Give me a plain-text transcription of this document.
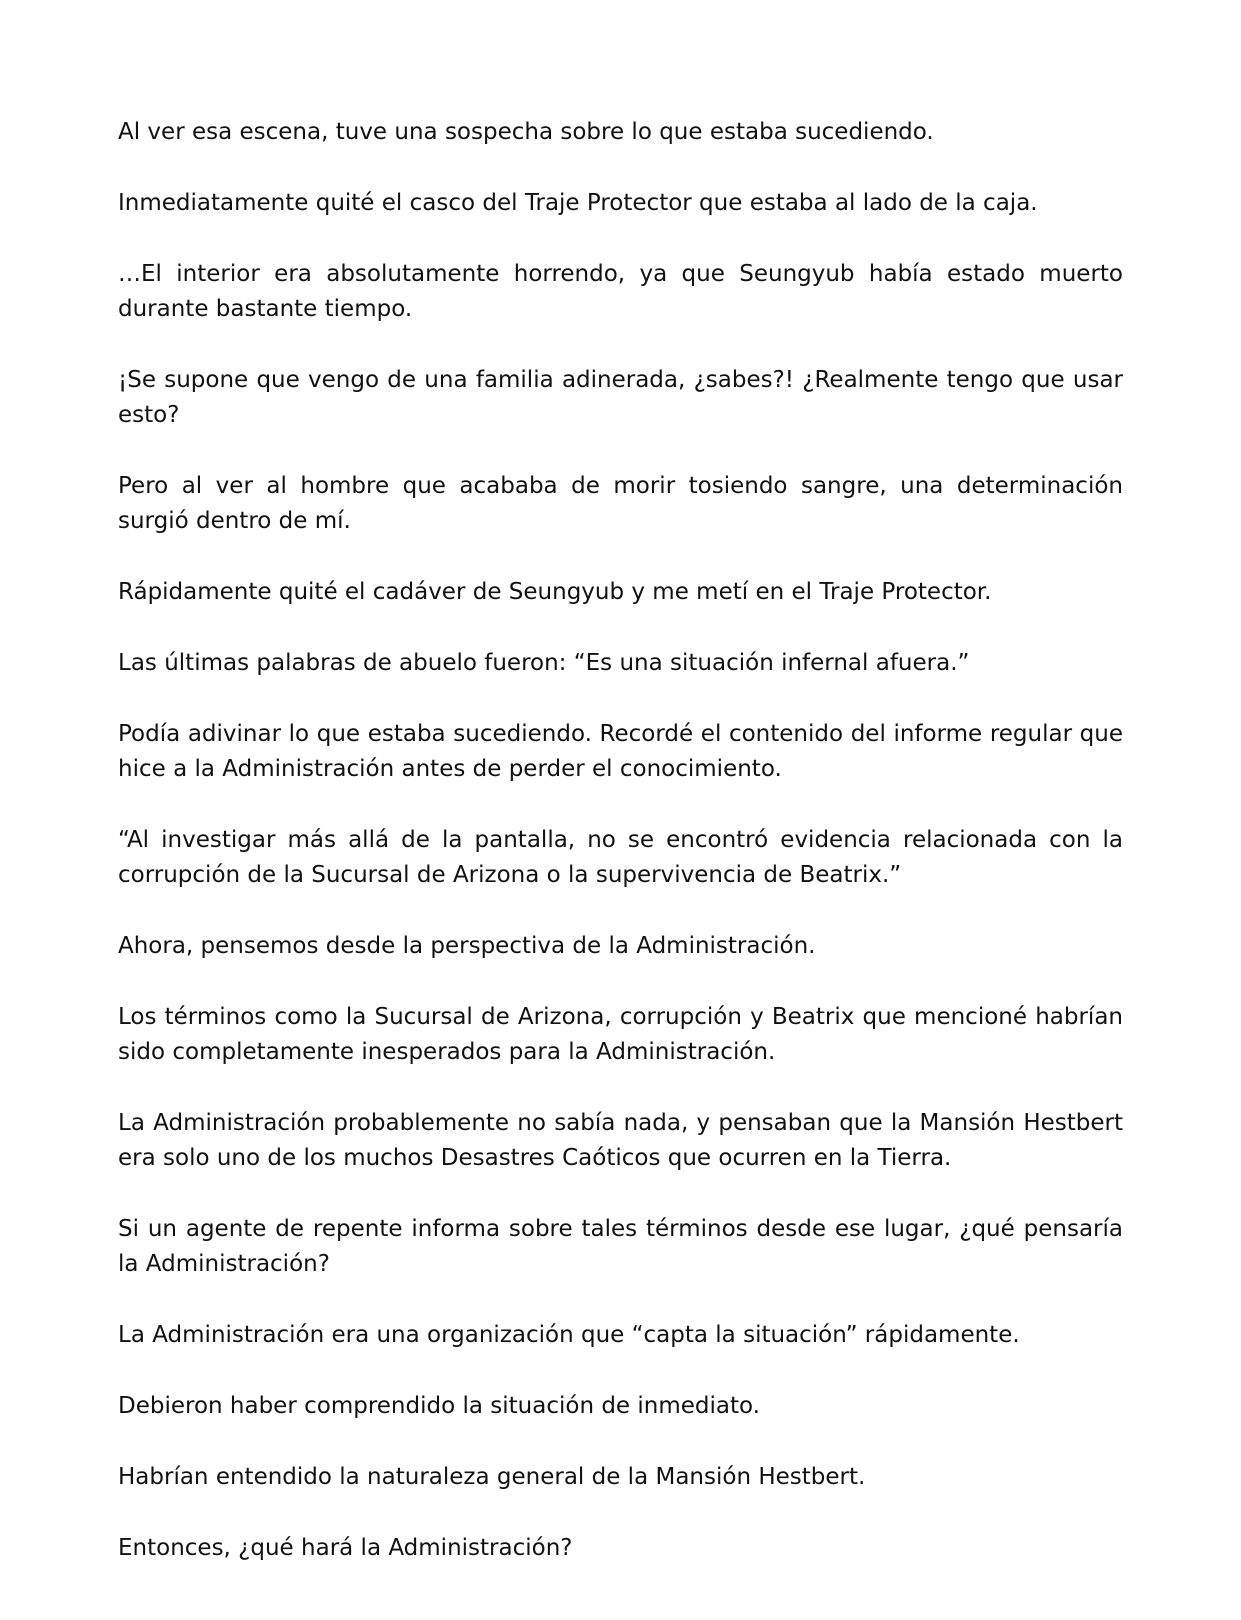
Al ver esa escena, tuve una sospecha sobre lo que estaba sucediendo.

Inmediatamente quité el casco del Traje Protector que estaba al lado de la caja.

…El interior era absolutamente horrendo, ya que Seungyub había estado muerto durante bastante tiempo.

¡Se supone que vengo de una familia adinerada, ¿sabes?! ¿Realmente tengo que usar esto?

Pero al ver al hombre que acababa de morir tosiendo sangre, una determinación surgió dentro de mí.

Rápidamente quité el cadáver de Seungyub y me metí en el Traje Protector.

Las últimas palabras de abuelo fueron: “Es una situación infernal afuera.”

Podía adivinar lo que estaba sucediendo. Recordé el contenido del informe regular que hice a la Administración antes de perder el conocimiento.

“Al investigar más allá de la pantalla, no se encontró evidencia relacionada con la corrupción de la Sucursal de Arizona o la supervivencia de Beatrix.”

Ahora, pensemos desde la perspectiva de la Administración.

Los términos como la Sucursal de Arizona, corrupción y Beatrix que mencioné habrían sido completamente inesperados para la Administración.

La Administración probablemente no sabía nada, y pensaban que la Mansión Hestbert era solo uno de los muchos Desastres Caóticos que ocurren en la Tierra.

Si un agente de repente informa sobre tales términos desde ese lugar, ¿qué pensaría la Administración?

La Administración era una organización que “capta la situación” rápidamente.

Debieron haber comprendido la situación de inmediato.

Habrían entendido la naturaleza general de la Mansión Hestbert.

Entonces, ¿qué hará la Administración?
